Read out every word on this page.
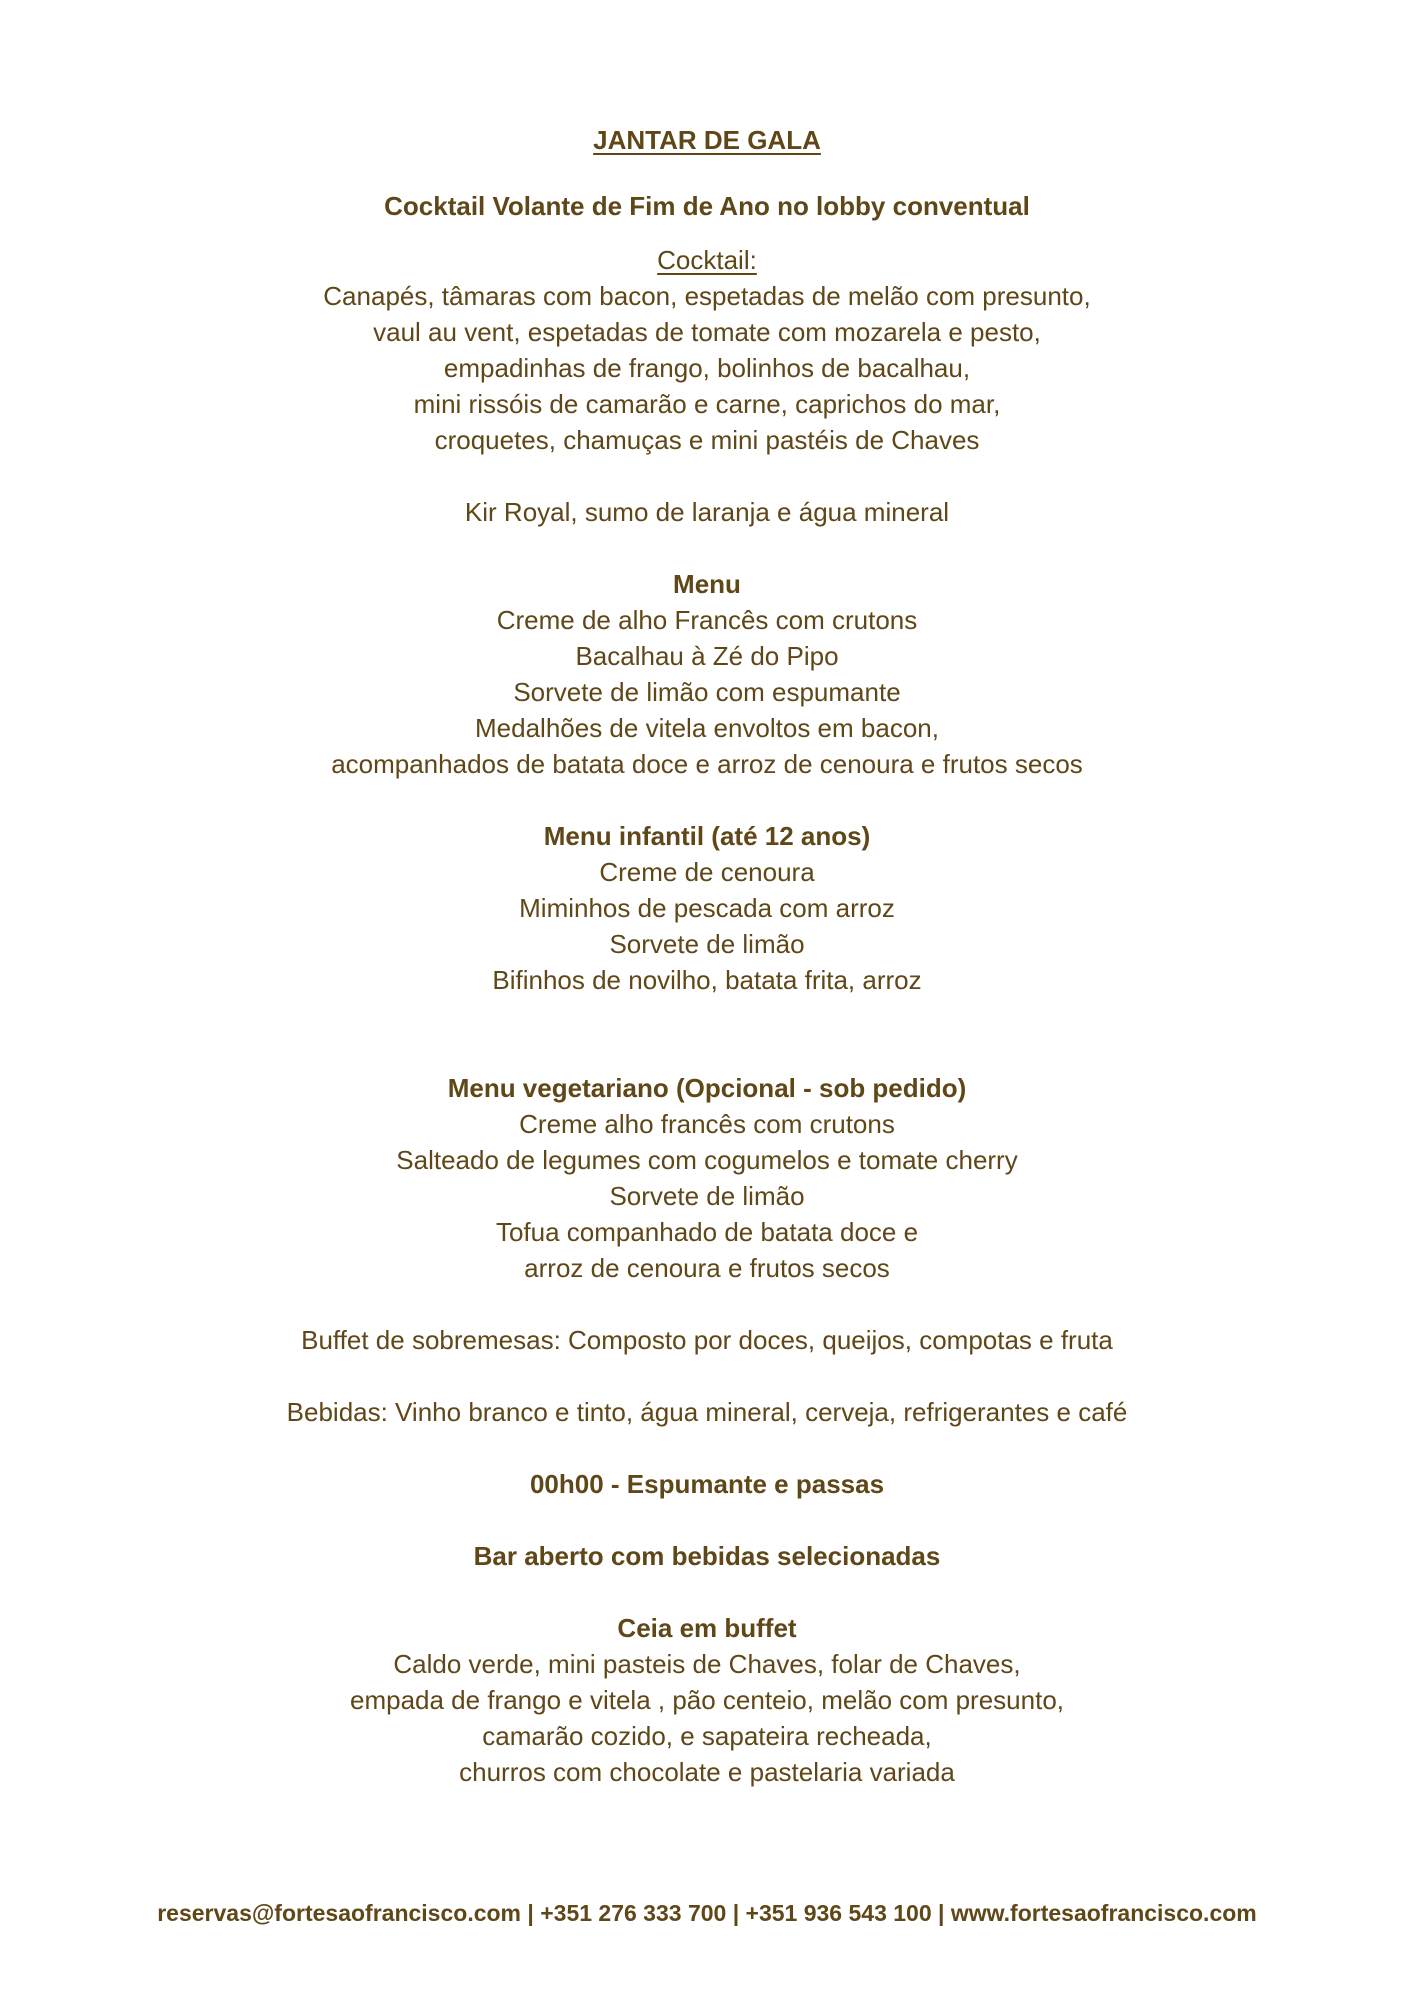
JANTAR DE GALA
Cocktail Volante de Fim de Ano no lobby conventual
Cocktail:
Canapés, tâmaras com bacon, espetadas de melão com presunto,
vaul au vent, espetadas de tomate com mozarela e pesto,
empadinhas de frango, bolinhos de bacalhau,
mini rissóis de camarão e carne, caprichos do mar,
croquetes, chamuças e mini pastéis de Chaves
Kir Royal, sumo de laranja e água mineral
Menu
Creme de alho Francês com crutons
Bacalhau à Zé do Pipo
Sorvete de limão com espumante
Medalhões de vitela envoltos em bacon,
acompanhados de batata doce e arroz de cenoura e frutos secos
Menu infantil (até 12 anos)
Creme de cenoura
Miminhos de pescada com arroz
Sorvete de limão
Bifinhos de novilho, batata frita, arroz
Menu vegetariano (Opcional - sob pedido)
Creme alho francês com crutons
Salteado de legumes com cogumelos e tomate cherry
Sorvete de limão
Tofua companhado de batata doce e
arroz de cenoura e frutos secos
Buffet de sobremesas: Composto por doces, queijos, compotas e fruta
Bebidas: Vinho branco e tinto, água mineral, cerveja, refrigerantes e café
00h00 - Espumante e passas
Bar aberto com bebidas selecionadas
Ceia em buffet
Caldo verde, mini pasteis de Chaves, folar de Chaves,
empada de frango e vitela , pão centeio, melão com presunto,
camarão cozido, e sapateira recheada,
churros com chocolate e pastelaria variada
reservas@fortesaofrancisco.com | +351 276 333 700 | +351 936 543 100 | www.fortesaofrancisco.com
